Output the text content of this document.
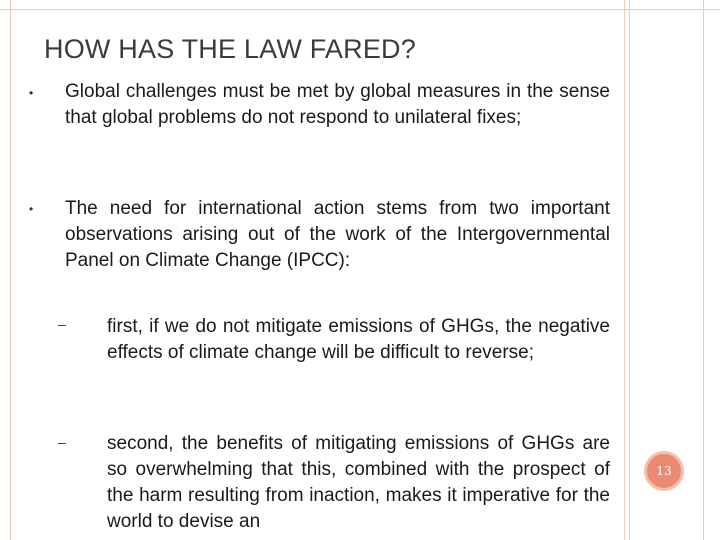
HOW HAS THE LAW FARED?
• Global challenges must be met by global measures in the sense that global problems do not respond to unilateral fixes;
• The need for international action stems from two important observations arising out of the work of the Intergovernmental Panel on Climate Change (IPCC):
– first, if we do not mitigate emissions of GHGs, the negative effects of climate change will be difficult to reverse;
– second, the benefits of mitigating emissions of GHGs are so overwhelming that this, combined with the prospect of the harm resulting from inaction, makes it imperative for the world to devise an
13
